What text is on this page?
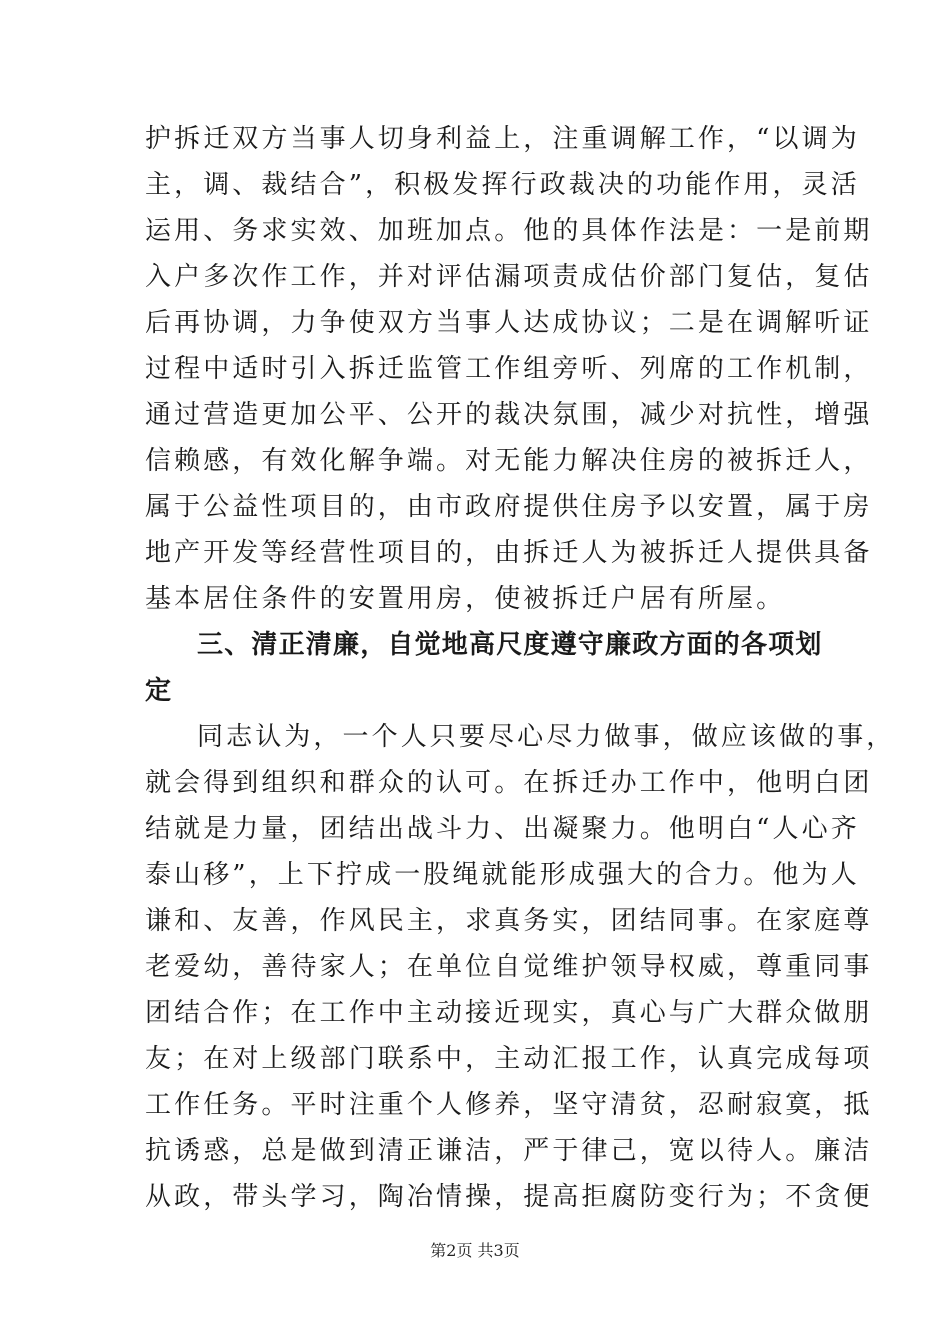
护拆迁双方当事人切身利益上，注重调解工作，“以调为
主，调、裁结合”，积极发挥行政裁决的功能作用，灵活
运用、务求实效、加班加点。他的具体作法是：一是前期
入户多次作工作，并对评估漏项责成估价部门复估，复估
后再协调，力争使双方当事人达成协议；二是在调解听证
过程中适时引入拆迁监管工作组旁听、列席的工作机制，
通过营造更加公平、公开的裁决氛围，减少对抗性，增强
信赖感，有效化解争端。对无能力解决住房的被拆迁人，
属于公益性项目的，由市政府提供住房予以安置，属于房
地产开发等经营性项目的，由拆迁人为被拆迁人提供具备
基本居住条件的安置用房，使被拆迁户居有所屋。
三、清正清廉，自觉地高尺度遵守廉政方面的各项划
定
同志认为，一个人只要尽心尽力做事，做应该做的事，
就会得到组织和群众的认可。在拆迁办工作中，他明白团
结就是力量，团结出战斗力、出凝聚力。他明白“人心齐
泰山移”，上下拧成一股绳就能形成强大的合力。他为人
谦和、友善，作风民主，求真务实，团结同事。在家庭尊
老爱幼，善待家人；在单位自觉维护领导权威，尊重同事
团结合作；在工作中主动接近现实，真心与广大群众做朋
友；在对上级部门联系中，主动汇报工作，认真完成每项
工作任务。平时注重个人修养，坚守清贫，忍耐寂寞，抵
抗诱惑，总是做到清正谦洁，严于律己，宽以待人。廉洁
从政，带头学习，陶冶情操，提高拒腐防变行为；不贪便
第2页 共3页
